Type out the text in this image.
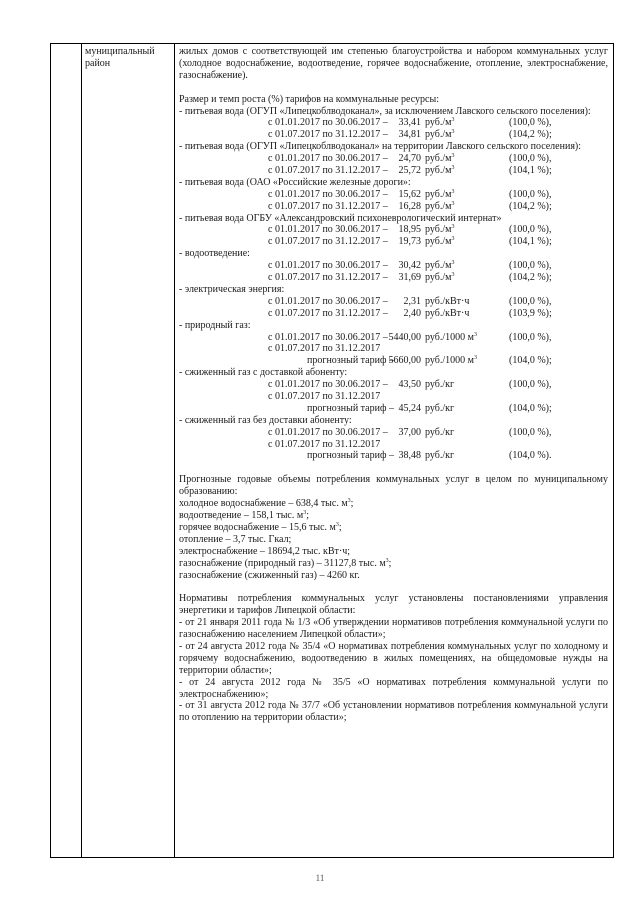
муниципальный район

жилых домов с соответствующей им степенью благоустройства и набором коммунальных услуг (холодное водоснабжение, водоотведение, горячее водоснабжение, отопление, электроснабжение, газоснабжение).

Размер и темп роста (%) тарифов на коммунальные ресурсы:

- питьевая вода (ОГУП «Липецкоблводоканал», за исключением Лавского сельского поселения):

с 01.01.2017 по 30.06.2017 –	33,41 $руб./м^3$	(100,0 %),
с 01.07.2017 по 31.12.2017 –	34,81 $руб./м^3$	(104,2 %);

- питьевая вода (ОГУП «Липецкоблводоканал» на территории Лавского сельского поселения):

с 01.01.2017 по 30.06.2017 –	24,70 $руб./м^3$	(100,0 %),
с 01.07.2017 по 31.12.2017 –	25,72 $руб./м^3$	(104,1 %);

- питьевая вода (ОАО «Российские железные дороги»:

с 01.01.2017 по 30.06.2017 –	15,62 $руб./м^3$	(100,0 %),
с 01.07.2017 по 31.12.2017 –	16,28 $руб./м^3$	(104,2 %);

- питьевая вода ОГБУ «Александровский психоневрологический интернат»

с 01.01.2017 по 30.06.2017 –	18,95 $руб./м^3$	(100,0 %),
с 01.07.2017 по 31.12.2017 –	19,73 $руб./м^3$	(104,1 %);

- водоотведение:

с 01.01.2017 по 30.06.2017 –	30,42 $руб./м^3$	(100,0 %),
с 01.07.2017 по 31.12.2017 –	31,69 $руб./м^3$	(104,2 %);

- электрическая энергия:

с 01.01.2017 по 30.06.2017 –	2,31 руб./кВт·ч	(100,0 %),
с 01.07.2017 по 31.12.2017 –	2,40 руб./кВт·ч	(103,9 %);

- природный газ:

с 01.01.2017 по 30.06.2017 – 5440,00 руб./1000 $м^3$	(100,0 %),
с 01.07.2017 по 31.12.2017
прогнозный тариф –
5660,00 руб./1000 $м^3$	(104,0 %);

- сжиженный газ с доставкой абоненту:

с 01.01.2017 по 30.06.2017 –	43,50 руб./кг	(100,0 %),
с 01.07.2017 по 31.12.2017
прогнозный тариф – 45,24 руб./кг	(104,0 %);

- сжиженный газ без доставки абоненту:

с 01.01.2017 по 30.06.2017 –	37,00 руб./кг	(100,0 %),
с 01.07.2017 по 31.12.2017
прогнозный тариф – 38,48 руб./кг	(104,0 %).

Прогнозные годовые объемы потребления коммунальных услуг в целом по муниципальному образованию:

холодное водоснабжение – 638,4 тыс. $м^3$;

водоотведение – 158,1 тыс. $м^3$;

горячее водоснабжение – 15,6 тыс. $м^3$;

отопление – 3,7 тыс. Гкал;

электроснабжение – 18694,2 тыс. кВт·ч;

газоснабжение (природный газ) – 31127,8 тыс. $м^3$;

газоснабжение (сжиженный газ) – 4260 кг.

Нормативы потребления коммунальных услуг установлены постановлениями управления энергетики и тарифов Липецкой области:

- от 21 января 2011 года № 1/3 «Об утверждении нормативов потребления коммунальной услуги по газоснабжению населением Липецкой области»;

- от 24 августа 2012 года № 35/4 «О нормативах потребления коммунальных услуг по холодному и горячему водоснабжению, водоотведению в жилых помещениях, на общедомовые нужды на территории области»;

- от 24 августа 2012 года № 35/5 «О нормативах потребления коммунальной услуги по электроснабжению»;

- от 31 августа 2012 года № 37/7 «Об установлении нормативов потребления коммунальной услуги по отоплению на территории области»;

11
